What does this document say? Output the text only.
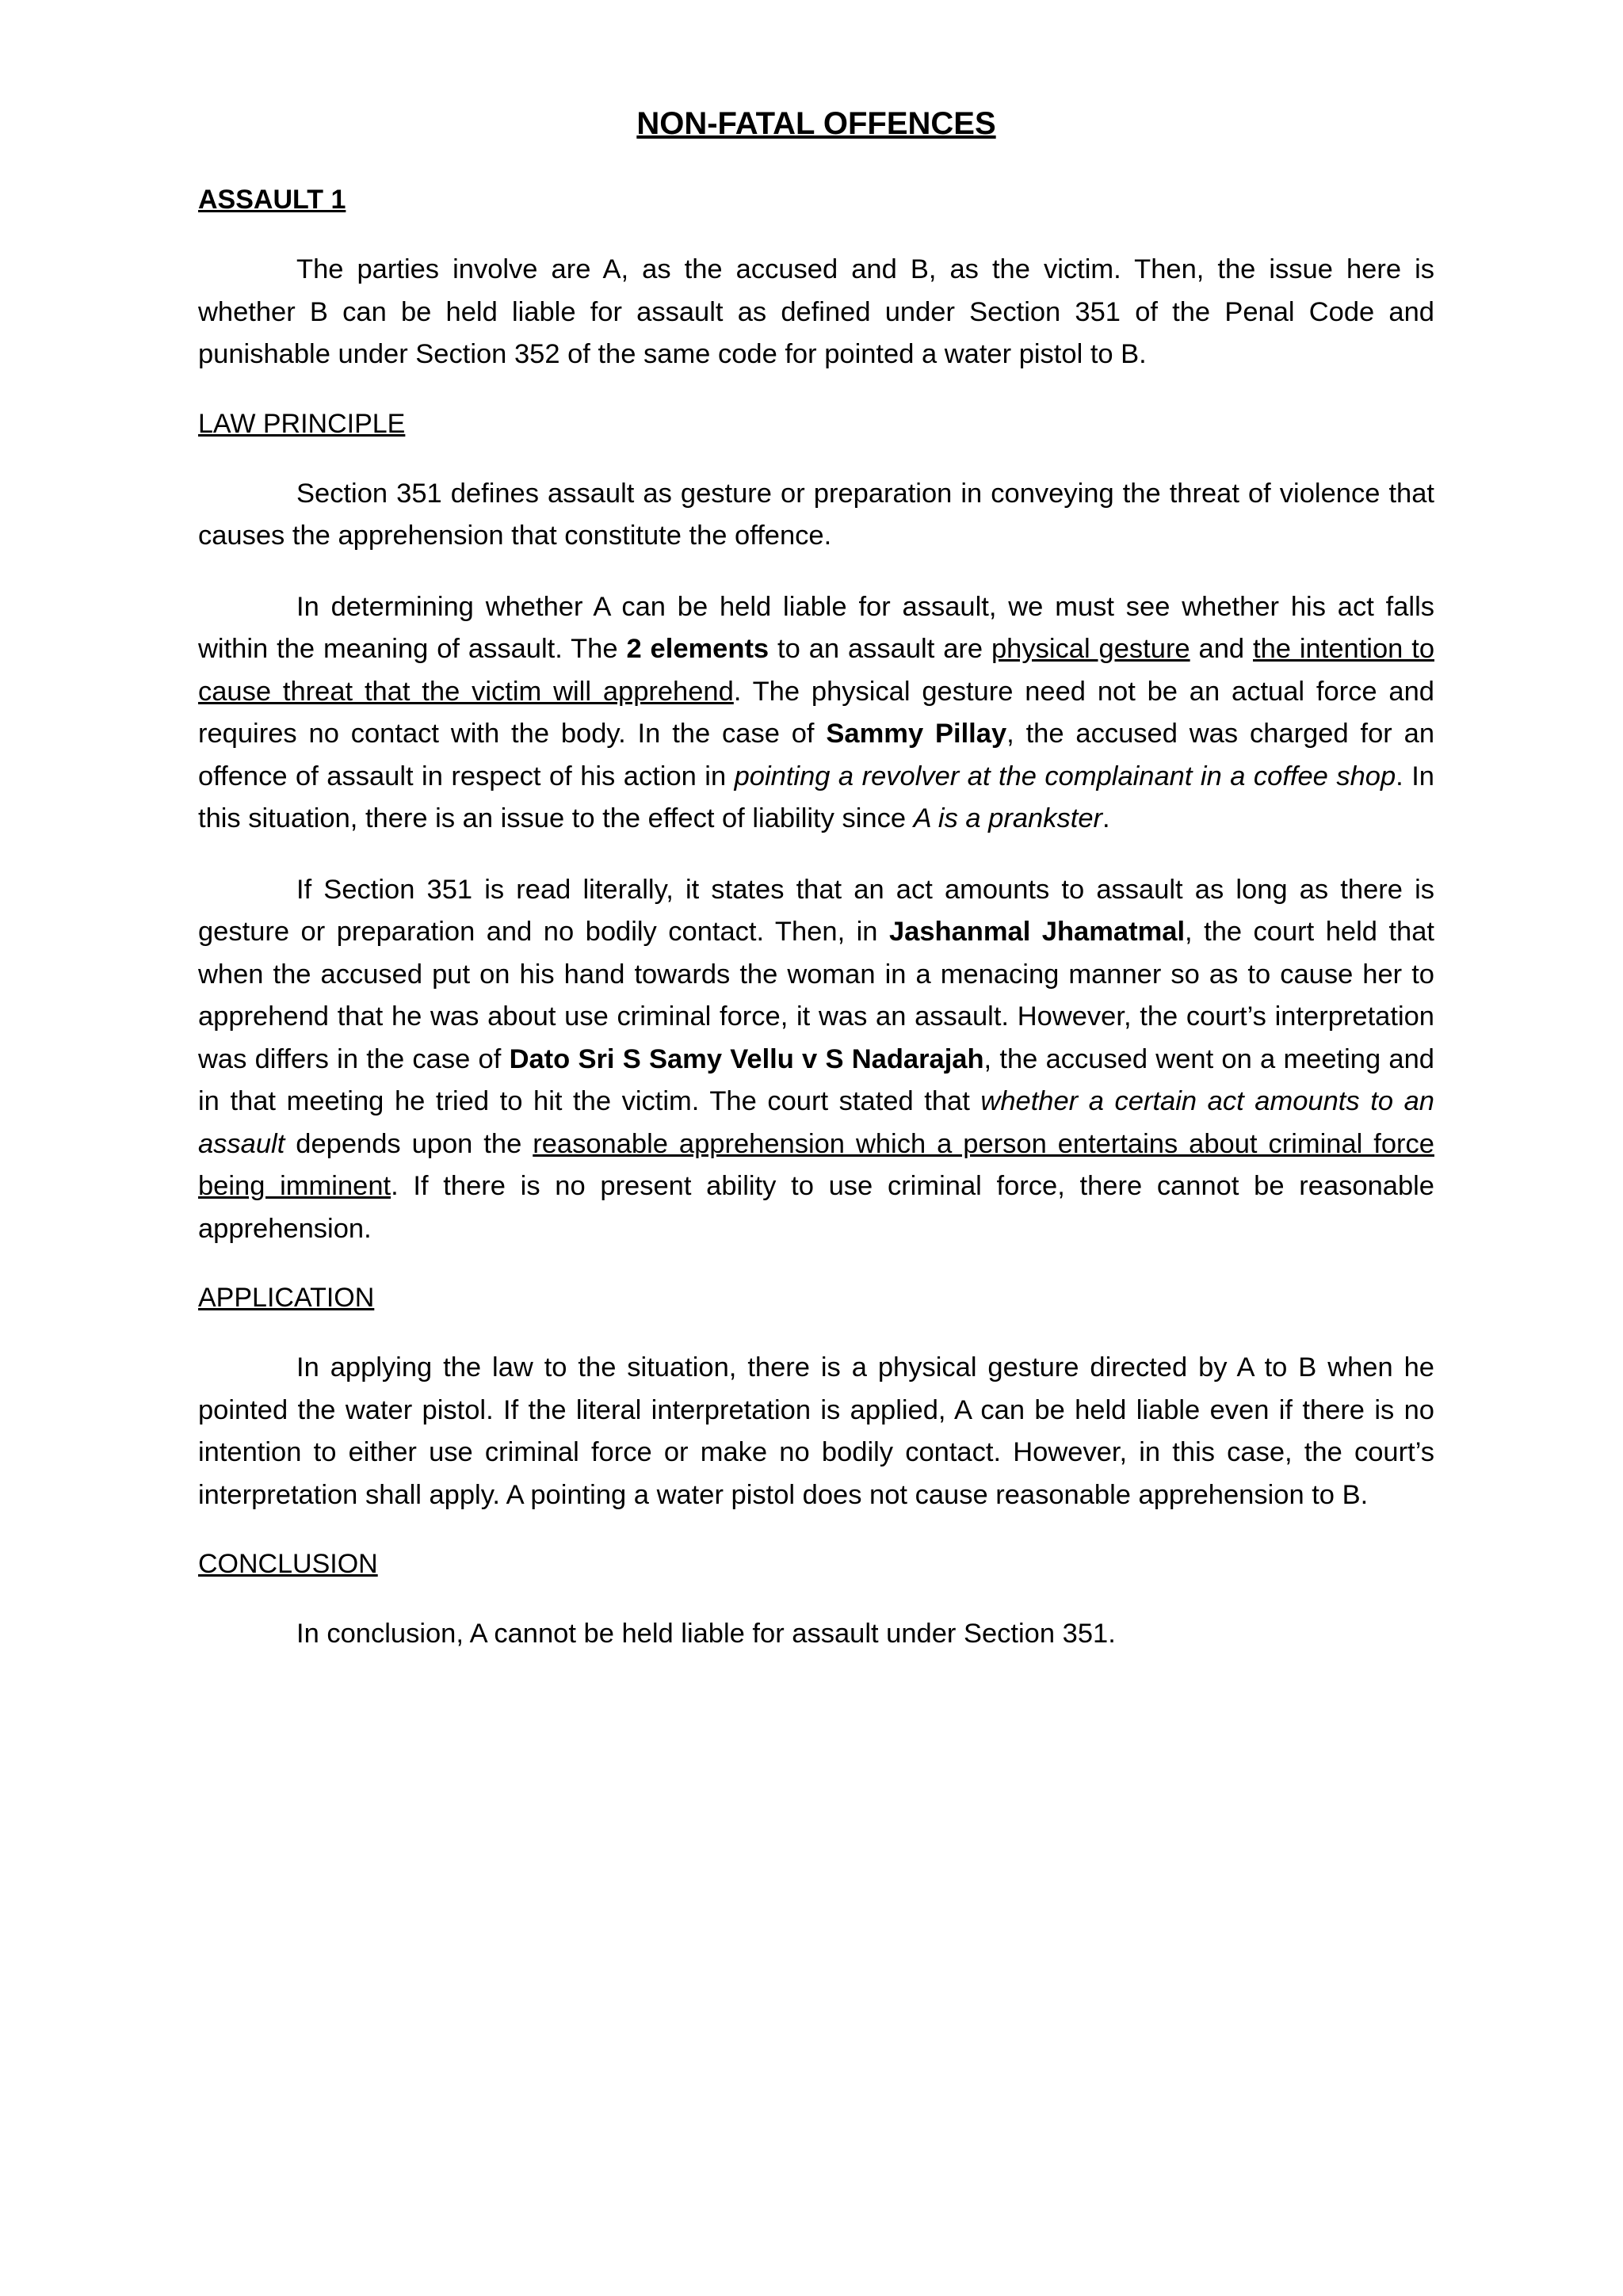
NON-FATAL OFFENCES
ASSAULT 1

The parties involve are A, as the accused and B, as the victim. Then, the issue here is whether B can be held liable for assault as defined under Section 351 of the Penal Code and punishable under Section 352 of the same code for pointed a water pistol to B.

LAW PRINCIPLE

Section 351 defines assault as gesture or preparation in conveying the threat of violence that causes the apprehension that constitute the offence.

In determining whether A can be held liable for assault, we must see whether his act falls within the meaning of assault. The 2 elements to an assault are physical gesture and the intention to cause threat that the victim will apprehend. The physical gesture need not be an actual force and requires no contact with the body. In the case of Sammy Pillay, the accused was charged for an offence of assault in respect of his action in pointing a revolver at the complainant in a coffee shop. In this situation, there is an issue to the effect of liability since A is a prankster.

If Section 351 is read literally, it states that an act amounts to assault as long as there is gesture or preparation and no bodily contact. Then, in Jashanmal Jhamatmal, the court held that when the accused put on his hand towards the woman in a menacing manner so as to cause her to apprehend that he was about use criminal force, it was an assault. However, the court’s interpretation was differs in the case of Dato Sri S Samy Vellu v S Nadarajah, the accused went on a meeting and in that meeting he tried to hit the victim. The court stated that whether a certain act amounts to an assault depends upon the reasonable apprehension which a person entertains about criminal force being imminent. If there is no present ability to use criminal force, there cannot be reasonable apprehension.

APPLICATION

In applying the law to the situation, there is a physical gesture directed by A to B when he pointed the water pistol. If the literal interpretation is applied, A can be held liable even if there is no intention to either use criminal force or make no bodily contact. However, in this case, the court’s interpretation shall apply. A pointing a water pistol does not cause reasonable apprehension to B.

CONCLUSION

In conclusion, A cannot be held liable for assault under Section 351.
